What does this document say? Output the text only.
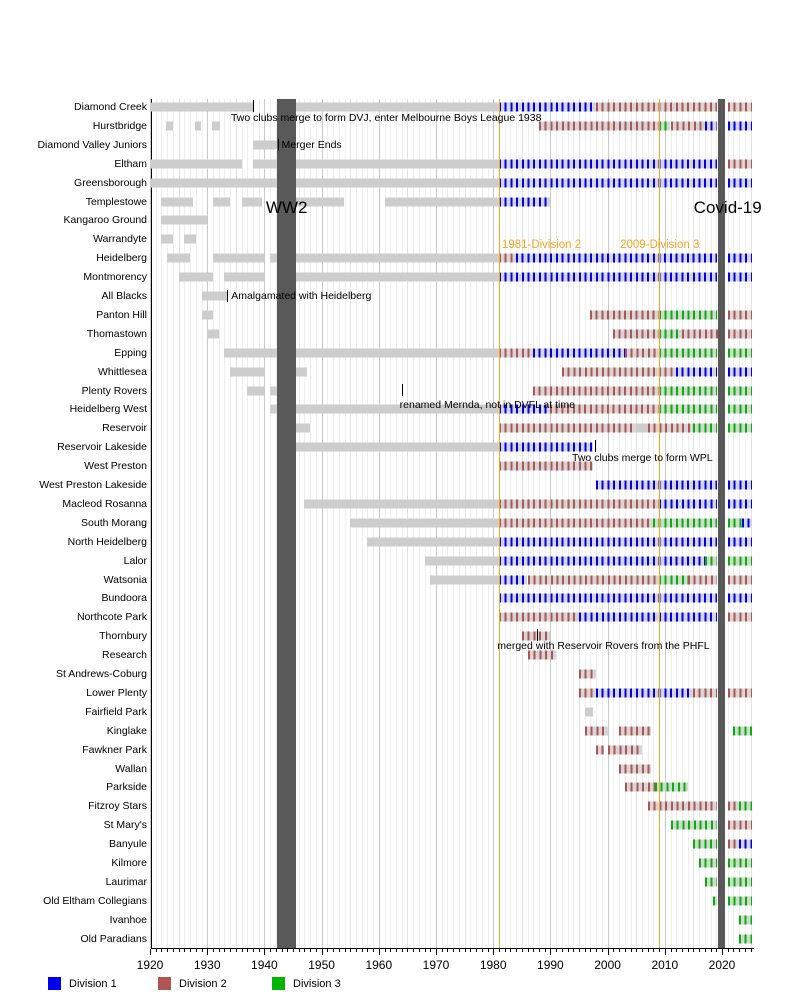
Diamond Creek
Two clubs merge to form DVJ, enter Melbourne Boys League 1938
Hurstbridge
Diamond Valley Juniors	Merger Ends
Eltham
Greensborough
Templestowe
Kangaroo Ground
Warrandyte
Heidelberg
Montmorency
All Blacks	Amalgamated with Heidelberg
Panton Hill
Thomastown
Epping
Whittlesea
Plenty Rovers
renamed Mernda, not in DVFL at time
Heidelberg West
Reservoir
Reservoir Lakeside
Two clubs merge to form WPL
West Preston
West Preston Lakeside
Macleod Rosanna
South Morang
North Heidelberg
Lalor
Watsonia
Bundoora
Northcote Park
Thornbury
merged with Reservoir Rovers from the PHFL
Research
St Andrews-Coburg
Lower Plenty
Fairfield Park
Kinglake
Fawkner Park
Wallan
Parkside
Fitzroy Stars
St Mary's
Banyule
Kilmore
Laurimar
Old Eltham Collegians
Ivanhoe
Old Paradians
WW2	Covid-19
1981-Division 2	2009-Division 3
1920	1930	1940	1950	1960	1970	1980	1990	2000	2010	2020
Division 1	Division 2	Division 3
